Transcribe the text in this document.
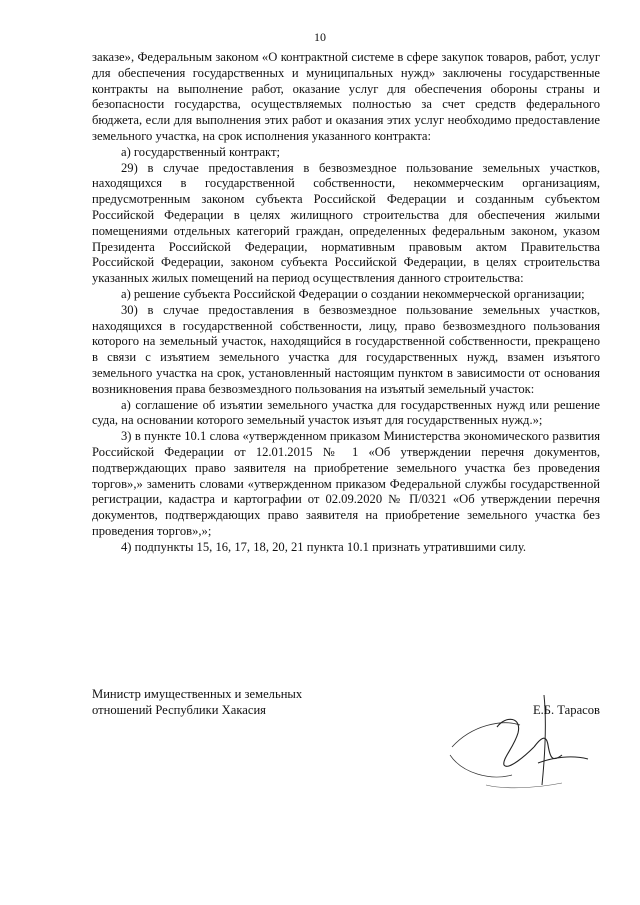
10

заказе», Федеральным законом «О контрактной системе в сфере закупок товаров, работ, услуг для обеспечения государственных и муниципальных нужд» заключены государственные контракты на выполнение работ, оказание услуг для обеспечения обороны страны и безопасности государства, осуществляемых полностью за счет средств федерального бюджета, если для выполнения этих работ и оказания этих услуг необходимо предоставление земельного участка, на срок исполнения указанного контракта:

а) государственный контракт;

29) в случае предоставления в безвозмездное пользование земельных участков, находящихся в государственной собственности, некоммерческим организациям, предусмотренным законом субъекта Российской Федерации и созданным субъектом Российской Федерации в целях жилищного строительства для обеспечения жилыми помещениями отдельных категорий граждан, определенных федеральным законом, указом Президента Российской Федерации, нормативным правовым актом Правительства Российской Федерации, законом субъекта Российской Федерации, в целях строительства указанных жилых помещений на период осуществления данного строительства:

а) решение субъекта Российской Федерации о создании некоммерческой организации;

30) в случае предоставления в безвозмездное пользование земельных участков, находящихся в государственной собственности, лицу, право безвозмездного пользования которого на земельный участок, находящийся в государственной собственности, прекращено в связи с изъятием земельного участка для государственных нужд, взамен изъятого земельного участка на срок, установленный настоящим пунктом в зависимости от основания возникновения права безвозмездного пользования на изъятый земельный участок:

а) соглашение об изъятии земельного участка для государственных нужд или решение суда, на основании которого земельный участок изъят для государственных нужд.»;

3) в пункте 10.1 слова «утвержденном приказом Министерства экономического развития Российской Федерации от 12.01.2015 № 1 «Об утверждении перечня документов, подтверждающих право заявителя на приобретение земельного участка без проведения торгов»,» заменить словами «утвержденном приказом Федеральной службы государственной регистрации, кадастра и картографии от 02.09.2020 № П/0321 «Об утверждении перечня документов, подтверждающих право заявителя на приобретение земельного участка без проведения торгов»,»;

4) подпункты 15, 16, 17, 18, 20, 21 пункта 10.1 признать утратившими силу.

Министр имущественных и земельных
отношений Республики Хакасия	Е.Б. Тарасов
